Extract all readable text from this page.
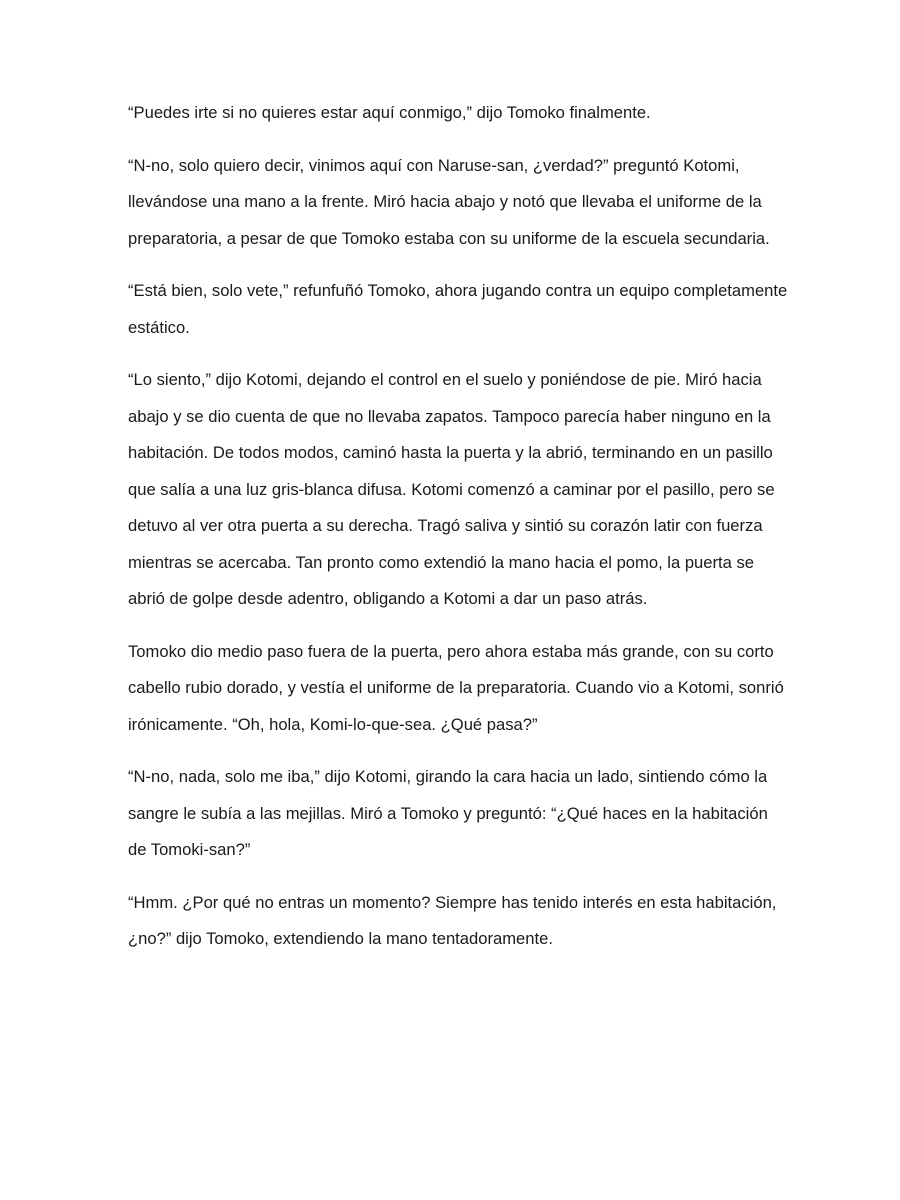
“Puedes irte si no quieres estar aquí conmigo,” dijo Tomoko finalmente.

“N-no, solo quiero decir, vinimos aquí con Naruse-san, ¿verdad?” preguntó Kotomi, llevándose una mano a la frente. Miró hacia abajo y notó que llevaba el uniforme de la preparatoria, a pesar de que Tomoko estaba con su uniforme de la escuela secundaria.

“Está bien, solo vete,” refunfuñó Tomoko, ahora jugando contra un equipo completamente estático.

“Lo siento,” dijo Kotomi, dejando el control en el suelo y poniéndose de pie. Miró hacia abajo y se dio cuenta de que no llevaba zapatos. Tampoco parecía haber ninguno en la habitación. De todos modos, caminó hasta la puerta y la abrió, terminando en un pasillo que salía a una luz gris-blanca difusa. Kotomi comenzó a caminar por el pasillo, pero se detuvo al ver otra puerta a su derecha. Tragó saliva y sintió su corazón latir con fuerza mientras se acercaba. Tan pronto como extendió la mano hacia el pomo, la puerta se abrió de golpe desde adentro, obligando a Kotomi a dar un paso atrás.

Tomoko dio medio paso fuera de la puerta, pero ahora estaba más grande, con su corto cabello rubio dorado, y vestía el uniforme de la preparatoria. Cuando vio a Kotomi, sonrió irónicamente. “Oh, hola, Komi-lo-que-sea. ¿Qué pasa?”

“N-no, nada, solo me iba,” dijo Kotomi, girando la cara hacia un lado, sintiendo cómo la sangre le subía a las mejillas. Miró a Tomoko y preguntó: “¿Qué haces en la habitación de Tomoki-san?”

“Hmm. ¿Por qué no entras un momento? Siempre has tenido interés en esta habitación, ¿no?” dijo Tomoko, extendiendo la mano tentadoramente.
